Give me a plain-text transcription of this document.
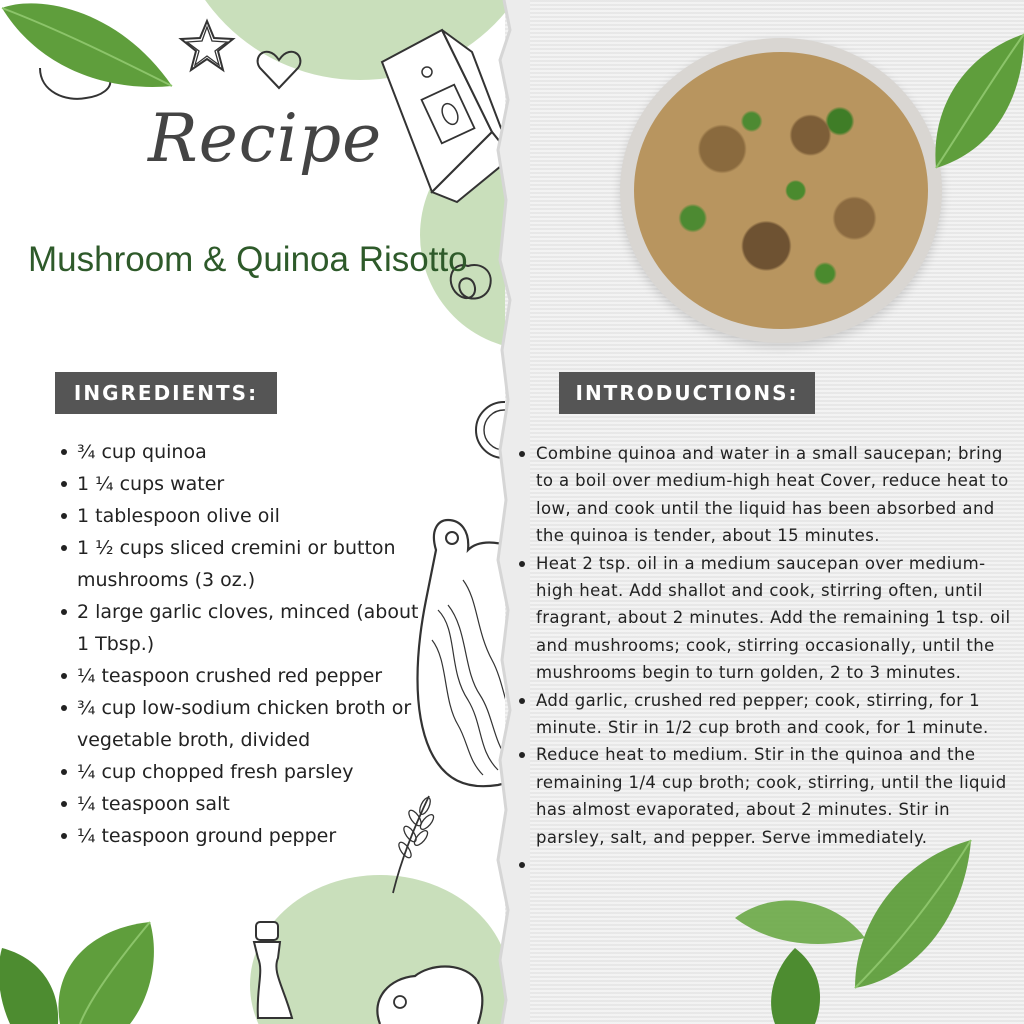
Recipe
Mushroom & Quinoa Risotto
INGREDIENTS:	INTRODUCTIONS:
¾ cup quinoa
1 ¼ cups water
1 tablespoon olive oil
1 ½ cups sliced cremini or button mushrooms (3 oz.)
2 large garlic cloves, minced (about 1 Tbsp.)
¼ teaspoon crushed red pepper
¾ cup low-sodium chicken broth or vegetable broth, divided
¼ cup chopped fresh parsley
¼ teaspoon salt
¼ teaspoon ground pepper
Combine quinoa and water in a small saucepan; bring to a boil over medium-high heat Cover, reduce heat to low, and cook until the liquid has been absorbed and the quinoa is tender, about 15 minutes.
Heat 2 tsp. oil in a medium saucepan over medium-high heat. Add shallot and cook, stirring often, until fragrant, about 2 minutes. Add the remaining 1 tsp. oil and mushrooms; cook, stirring occasionally, until the mushrooms begin to turn golden, 2 to 3 minutes.
Add garlic, crushed red pepper; cook, stirring, for 1 minute. Stir in 1/2 cup broth and cook, for 1 minute.
Reduce heat to medium. Stir in the quinoa and the remaining 1/4 cup broth; cook, stirring, until the liquid has almost evaporated, about 2 minutes. Stir in parsley, salt, and pepper. Serve immediately.
